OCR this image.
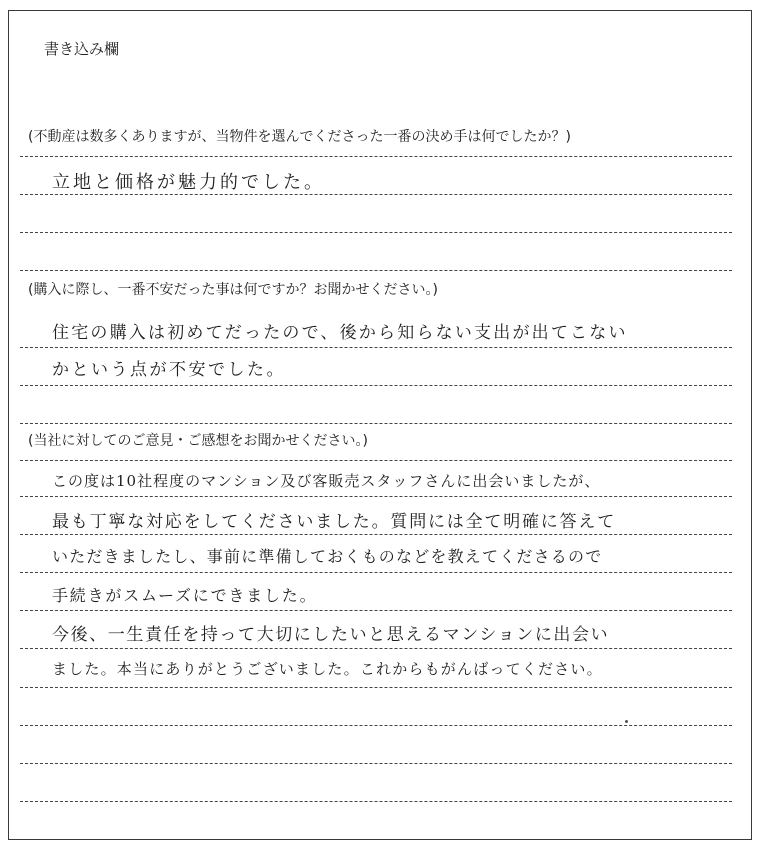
書き込み欄
(不動産は数多くありますが、当物件を選んでくださった一番の決め手は何でしたか？)
立地と価格が魅力的でした。
(購入に際し、一番不安だった事は何ですか？お聞かせください。)
住宅の購入は初めてだったので、後から知らない支出が出てこない
かという点が不安でした。
(当社に対してのご意見・ご感想をお聞かせください。)
この度は10社程度のマンション及び客販売スタッフさんに出会いましたが、
最も丁寧な対応をしてくださいました。質問には全て明確に答えて
いただきましたし、事前に準備しておくものなどを教えてくださるので
手続きがスムーズにできました。
今後、一生責任を持って大切にしたいと思えるマンションに出会い
ました。本当にありがとうございました。これからもがんばってください。
